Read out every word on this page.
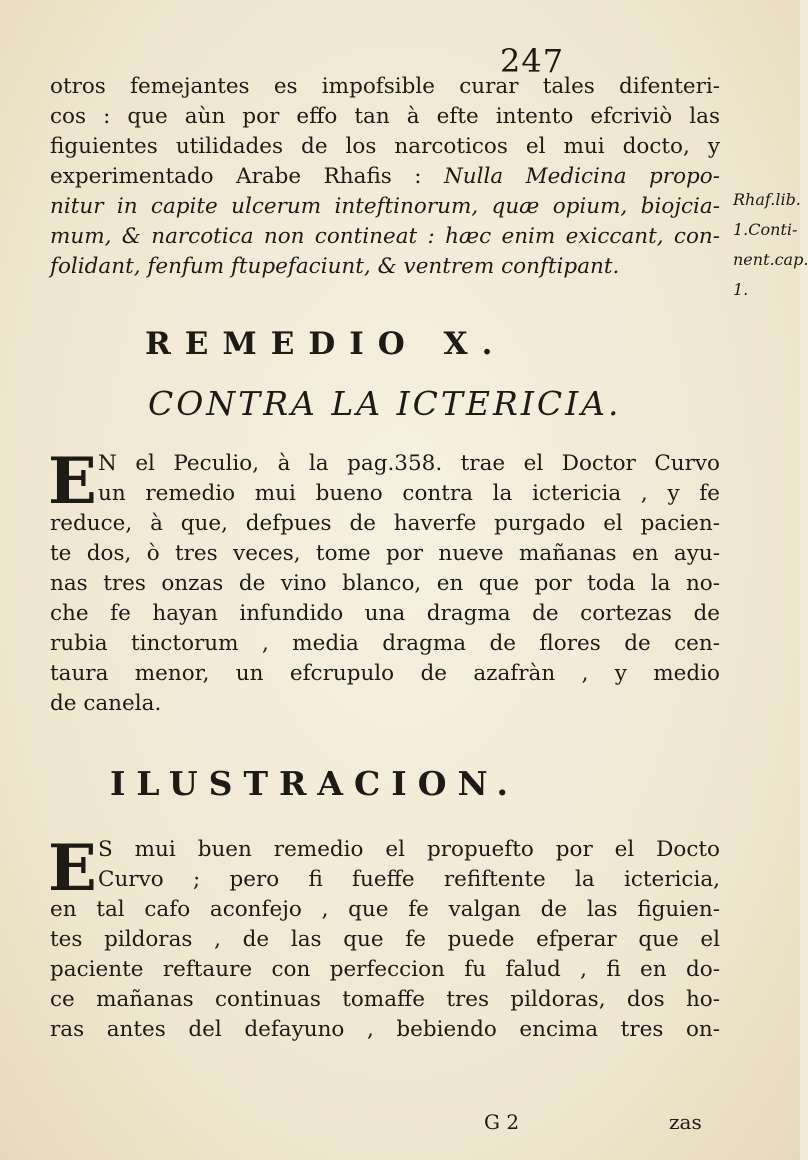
247
otros femejantes es impofsible curar tales difenteri-
cos : que aùn por effo tan à efte intento efcriviò las
figuientes utilidades de los narcoticos el mui docto, y
experimentado Arabe Rhafis : Nulla Medicina propo-
nitur in capite ulcerum inteftinorum, quæ opium, biojcia-
mum, & narcotica non contineat : hæc enim exiccant, con-
folidant, fenfum ftupefaciunt, & ventrem conftipant.
Rhaf.lib.
1.Conti-
nent.cap.
1.
REMEDIO X.
CONTRA LA ICTERICIA.
E N el Peculio, à la pag.358. trae el Doctor Curvo
un remedio mui bueno contra la ictericia , y fe
reduce, à que, defpues de haverfe purgado el pacien-
te dos, ò tres veces, tome por nueve mañanas en ayu-
nas tres onzas de vino blanco, en que por toda la no-
che fe hayan infundido una dragma de cortezas de
rubia tinctorum , media dragma de flores de cen-
taura menor, un efcrupulo de azafràn , y medio
de canela.
ILUSTRACION.
E S mui buen remedio el propuefto por el Docto
Curvo ; pero fi fueffe refiftente la ictericia,
en tal cafo aconfejo , que fe valgan de las figuien-
tes pildoras , de las que fe puede efperar que el
paciente reftaure con perfeccion fu falud , fi en do-
ce mañanas continuas tomaffe tres pildoras, dos ho-
ras antes del defayuno , bebiendo encima tres on-
G 2	zas
